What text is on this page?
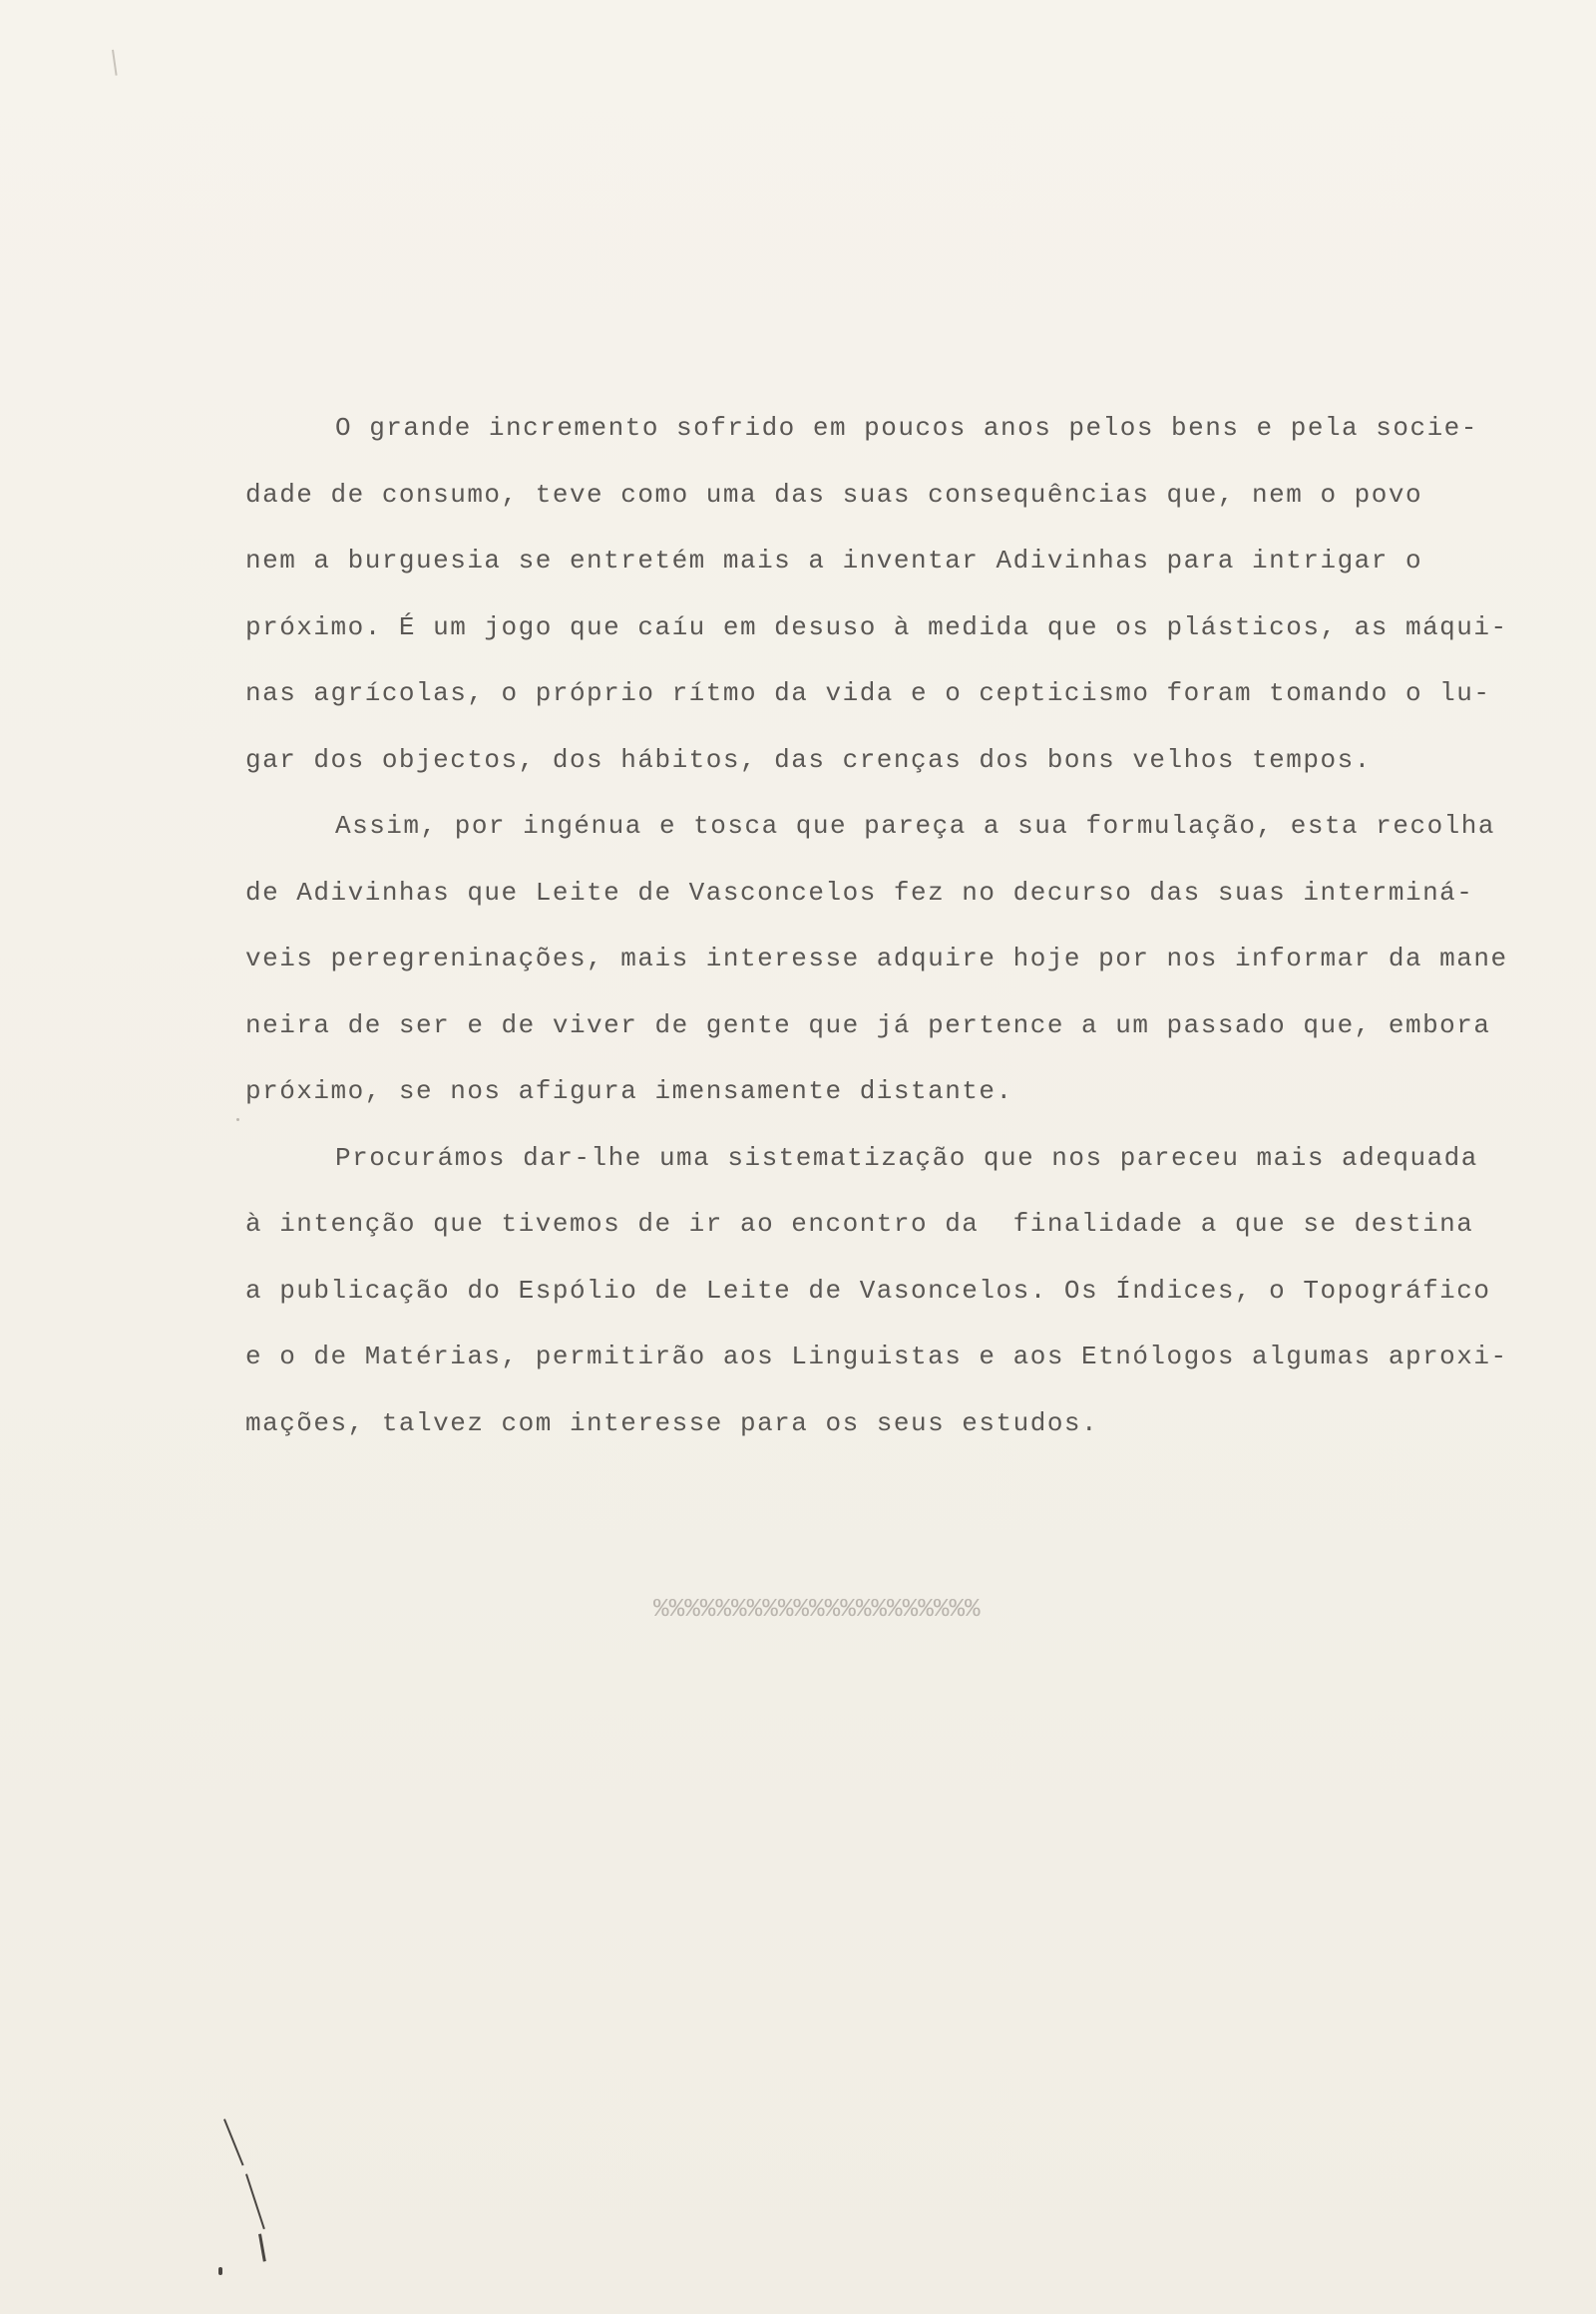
O grande incremento sofrido em poucos anos pelos bens e pela socie-
dade de consumo, teve como uma das suas consequências que, nem o povo
nem a burguesia se entretém mais a inventar Adivinhas para intrigar o
próximo. É um jogo que caíu em desuso à medida que os plásticos, as máqui-
nas agrícolas, o próprio rítmo da vida e o cepticismo foram tomando o lu-
gar dos objectos, dos hábitos, das crenças dos bons velhos tempos.
Assim, por ingénua e tosca que pareça a sua formulação, esta recolha
de Adivinhas que Leite de Vasconcelos fez no decurso das suas interminá-
veis peregreninações, mais interesse adquire hoje por nos informar da mane
neira de ser e de viver de gente que já pertence a um passado que, embora
próximo, se nos afigura imensamente distante.
Procurámos dar-lhe uma sistematização que nos pareceu mais adequada
à intenção que tivemos de ir ao encontro da  finalidade a que se destina
a publicação do Espólio de Leite de Vasoncelos. Os Índices, o Topográfico
e o de Matérias, permitirão aos Linguistas e aos Etnólogos algumas aproxi-
mações, talvez com interesse para os seus estudos.
%%%%%%%%%%%%%%%%%%%%%
